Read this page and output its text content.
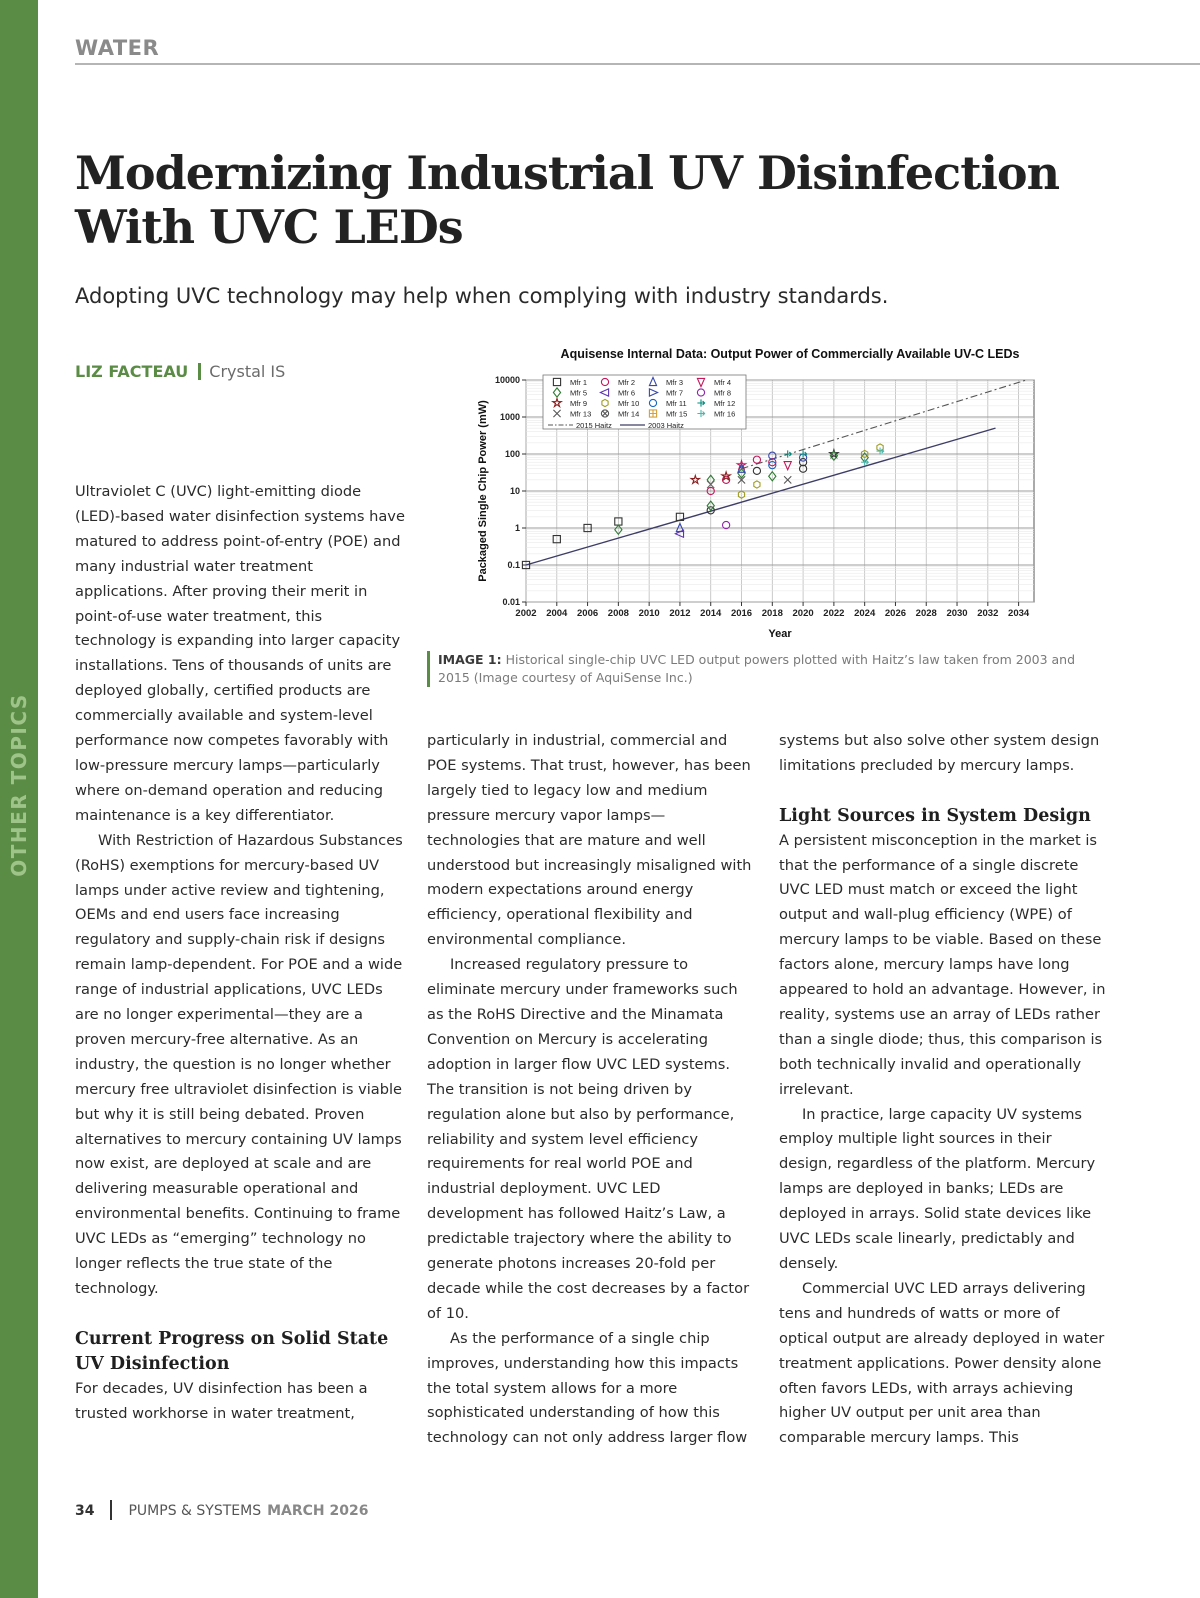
OTHER TOPICS
WATER
Modernizing Industrial UV Disinfection
With UVC LEDs
Adopting UVC technology may help when complying with industry standards.
LIZ FACTEAU Crystal IS
Aquisense Internal Data: Output Power of Commercially Available UV-C LEDs
2002 2004 2006 2008 2010 2012 2014 2016 2018 2020 2022 2024 2026 2028 2030 2032 2034
0.01
0.1
1
10
100
1000
10000	Mfr 1	Mfr 2	Mfr 3	Mfr 4
Mfr 5	Mfr 6	Mfr 7	Mfr 8
Mfr 9	Mfr 10	Mfr 11	Mfr 12
Mfr 13	Mfr 14	Mfr 15	Mfr 16
2015 Haitz	2003 Haitz
Year
Packaged Single Chip Power (mW)
IMAGE 1: Historical single-chip UVC LED output powers plotted with Haitz’s law taken from 2003 and 2015 (Image courtesy of AquiSense Inc.)

Ultraviolet C (UVC) light-emitting diode (LED)-based water disinfection systems have matured to address point-of-entry (POE) and many industrial water treatment applications. After proving their merit in point-of-use water treatment, this technology is expanding into larger capacity installations. Tens of thousands of units are deployed globally, certified products are commercially available and system-level performance now competes favorably with low-pressure mercury lamps—particularly where on-demand operation and reducing maintenance is a key differentiator.

With Restriction of Hazardous Substances (RoHS) exemptions for mercury-based UV lamps under active review and tightening, OEMs and end users face increasing regulatory and supply-chain risk if designs remain lamp-dependent. For POE and a wide range of industrial applications, UVC LEDs are no longer experimental—they are a proven mercury-free alternative. As an industry, the question is no longer whether mercury free ultraviolet disinfection is viable but why it is still being debated. Proven alternatives to mercury containing UV lamps now exist, are deployed at scale and are delivering measurable operational and environmental benefits. Continuing to frame UVC LEDs as “emerging” technology no longer reflects the true state of the technology.

Current Progress on Solid State UV Disinfection

For decades, UV disinfection has been a trusted workhorse in water treatment,

particularly in industrial, commercial and POE systems. That trust, however, has been largely tied to legacy low and medium pressure mercury vapor lamps—technologies that are mature and well understood but increasingly misaligned with modern expectations around energy efficiency, operational flexibility and environmental compliance.

Increased regulatory pressure to eliminate mercury under frameworks such as the RoHS Directive and the Minamata Convention on Mercury is accelerating adoption in larger flow UVC LED systems. The transition is not being driven by regulation alone but also by performance, reliability and system level efficiency requirements for real world POE and industrial deployment. UVC LED development has followed Haitz’s Law, a predictable trajectory where the ability to generate photons increases 20-fold per decade while the cost decreases by a factor of 10.

As the performance of a single chip improves, understanding how this impacts the total system allows for a more sophisticated understanding of how this technology can not only address larger flow

systems but also solve other system design limitations precluded by mercury lamps.

Light Sources in System Design

A persistent misconception in the market is that the performance of a single discrete UVC LED must match or exceed the light output and wall-plug efficiency (WPE) of mercury lamps to be viable. Based on these factors alone, mercury lamps have long appeared to hold an advantage. However, in reality, systems use an array of LEDs rather than a single diode; thus, this comparison is both technically invalid and operationally irrelevant.

In practice, large capacity UV systems employ multiple light sources in their design, regardless of the platform. Mercury lamps are deployed in banks; LEDs are deployed in arrays. Solid state devices like UVC LEDs scale linearly, predictably and densely.

Commercial UVC LED arrays delivering tens and hundreds of watts or more of optical output are already deployed in water treatment applications. Power density alone often favors LEDs, with arrays achieving higher UV output per unit area than comparable mercury lamps. This

34 PUMPS & SYSTEMS MARCH 2026
